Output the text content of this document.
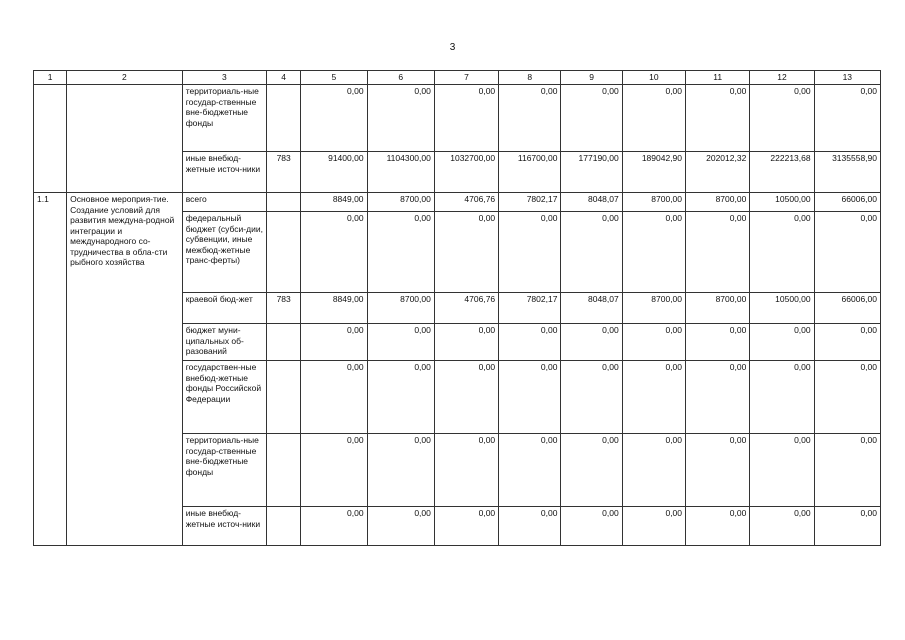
3
1	2	3	4	5	6	7	8	9	10	11	12	13
		территориаль-ные государ-ственные вне-бюджетные фонды		0,00	0,00	0,00	0,00	0,00	0,00	0,00	0,00	0,00
		иные внебюд-жетные источ-ники	783	91400,00	1104300,00	1032700,00	116700,00	177190,00	189042,90	202012,32	222213,68	3135558,90
1.1	Основное мероприя-тие. Создание условий для развития междуна-родной интеграции и международного со-трудничества в обла-сти рыбного хозяйства	всего		8849,00	8700,00	4706,76	7802,17	8048,07	8700,00	8700,00	10500,00	66006,00
		федеральный бюджет (субси-дии, субвенции, иные межбюд-жетные транс-ферты)		0,00	0,00	0,00	0,00	0,00	0,00	0,00	0,00	0,00
		краевой бюд-жет	783	8849,00	8700,00	4706,76	7802,17	8048,07	8700,00	8700,00	10500,00	66006,00
		бюджет муни-ципальных об-разований		0,00	0,00	0,00	0,00	0,00	0,00	0,00	0,00	0,00
		государствен-ные внебюд-жетные фонды Российской Федерации		0,00	0,00	0,00	0,00	0,00	0,00	0,00	0,00	0,00
		территориаль-ные государ-ственные вне-бюджетные фонды		0,00	0,00	0,00	0,00	0,00	0,00	0,00	0,00	0,00
		иные внебюд-жетные источ-ники		0,00	0,00	0,00	0,00	0,00	0,00	0,00	0,00	0,00
